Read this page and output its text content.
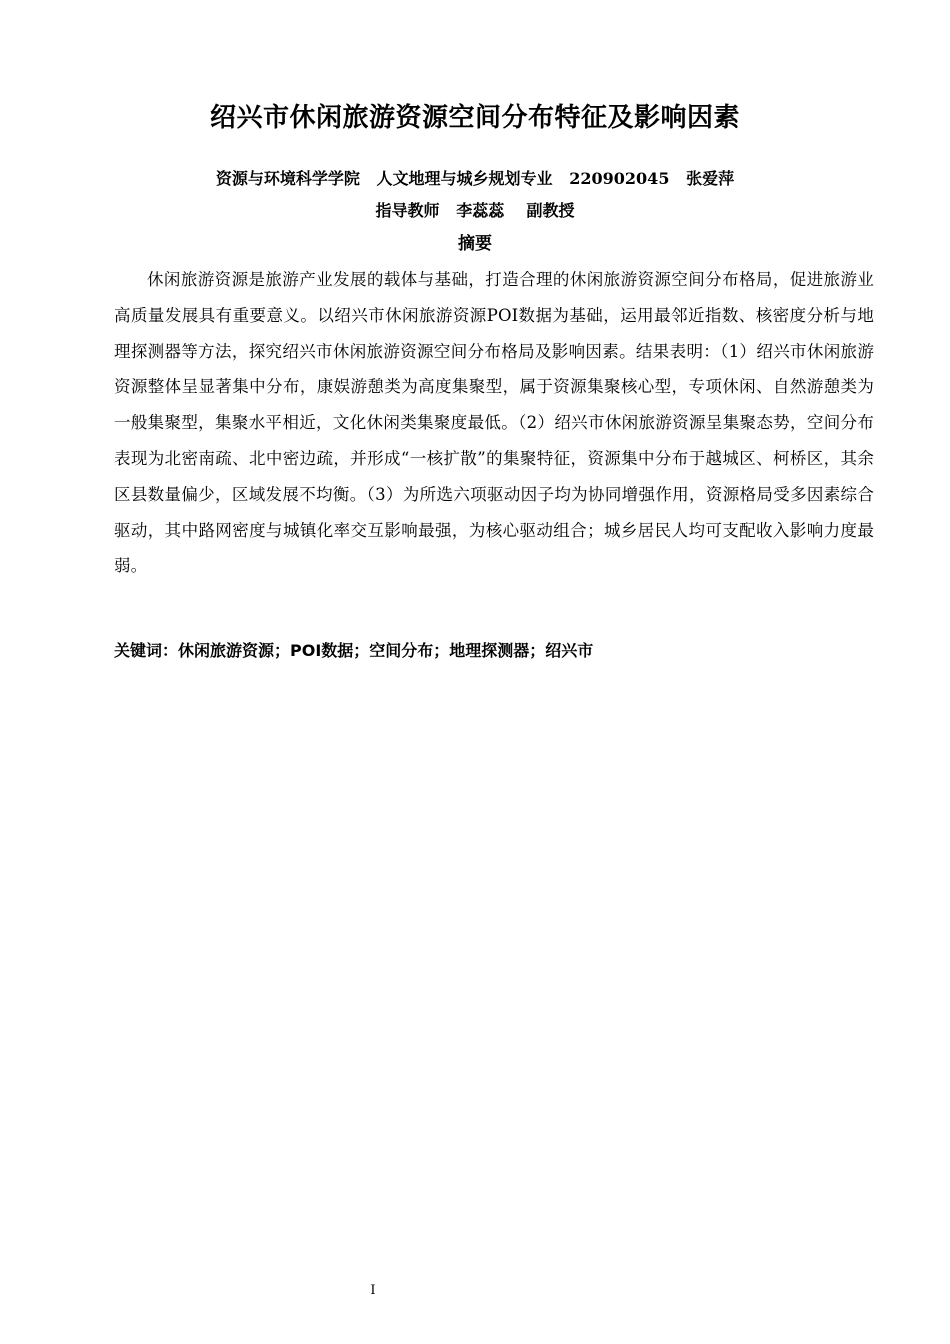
绍兴市休闲旅游资源空间分布特征及影响因素
资源与环境科学学院   人文地理与城乡规划专业   220902045   张爱萍
指导教师   李蕊蕊    副教授
摘要
休闲旅游资源是旅游产业发展的载体与基础，打造合理的休闲旅游资源空间分布格局，促进旅游业高质量发展具有重要意义。以绍兴市休闲旅游资源POI数据为基础，运用最邻近指数、核密度分析与地理探测器等方法，探究绍兴市休闲旅游资源空间分布格局及影响因素。结果表明：（1）绍兴市休闲旅游资源整体呈显著集中分布，康娱游憩类为高度集聚型，属于资源集聚核心型，专项休闲、自然游憩类为一般集聚型，集聚水平相近，文化休闲类集聚度最低。（2）绍兴市休闲旅游资源呈集聚态势，空间分布表现为北密南疏、北中密边疏，并形成“一核扩散”的集聚特征，资源集中分布于越城区、柯桥区，其余区县数量偏少，区域发展不均衡。（3）为所选六项驱动因子均为协同增强作用，资源格局受多因素综合驱动，其中路网密度与城镇化率交互影响最强，为核心驱动组合；城乡居民人均可支配收入影响力度最弱。
关键词：休闲旅游资源；POI数据；空间分布；地理探测器；绍兴市
I
